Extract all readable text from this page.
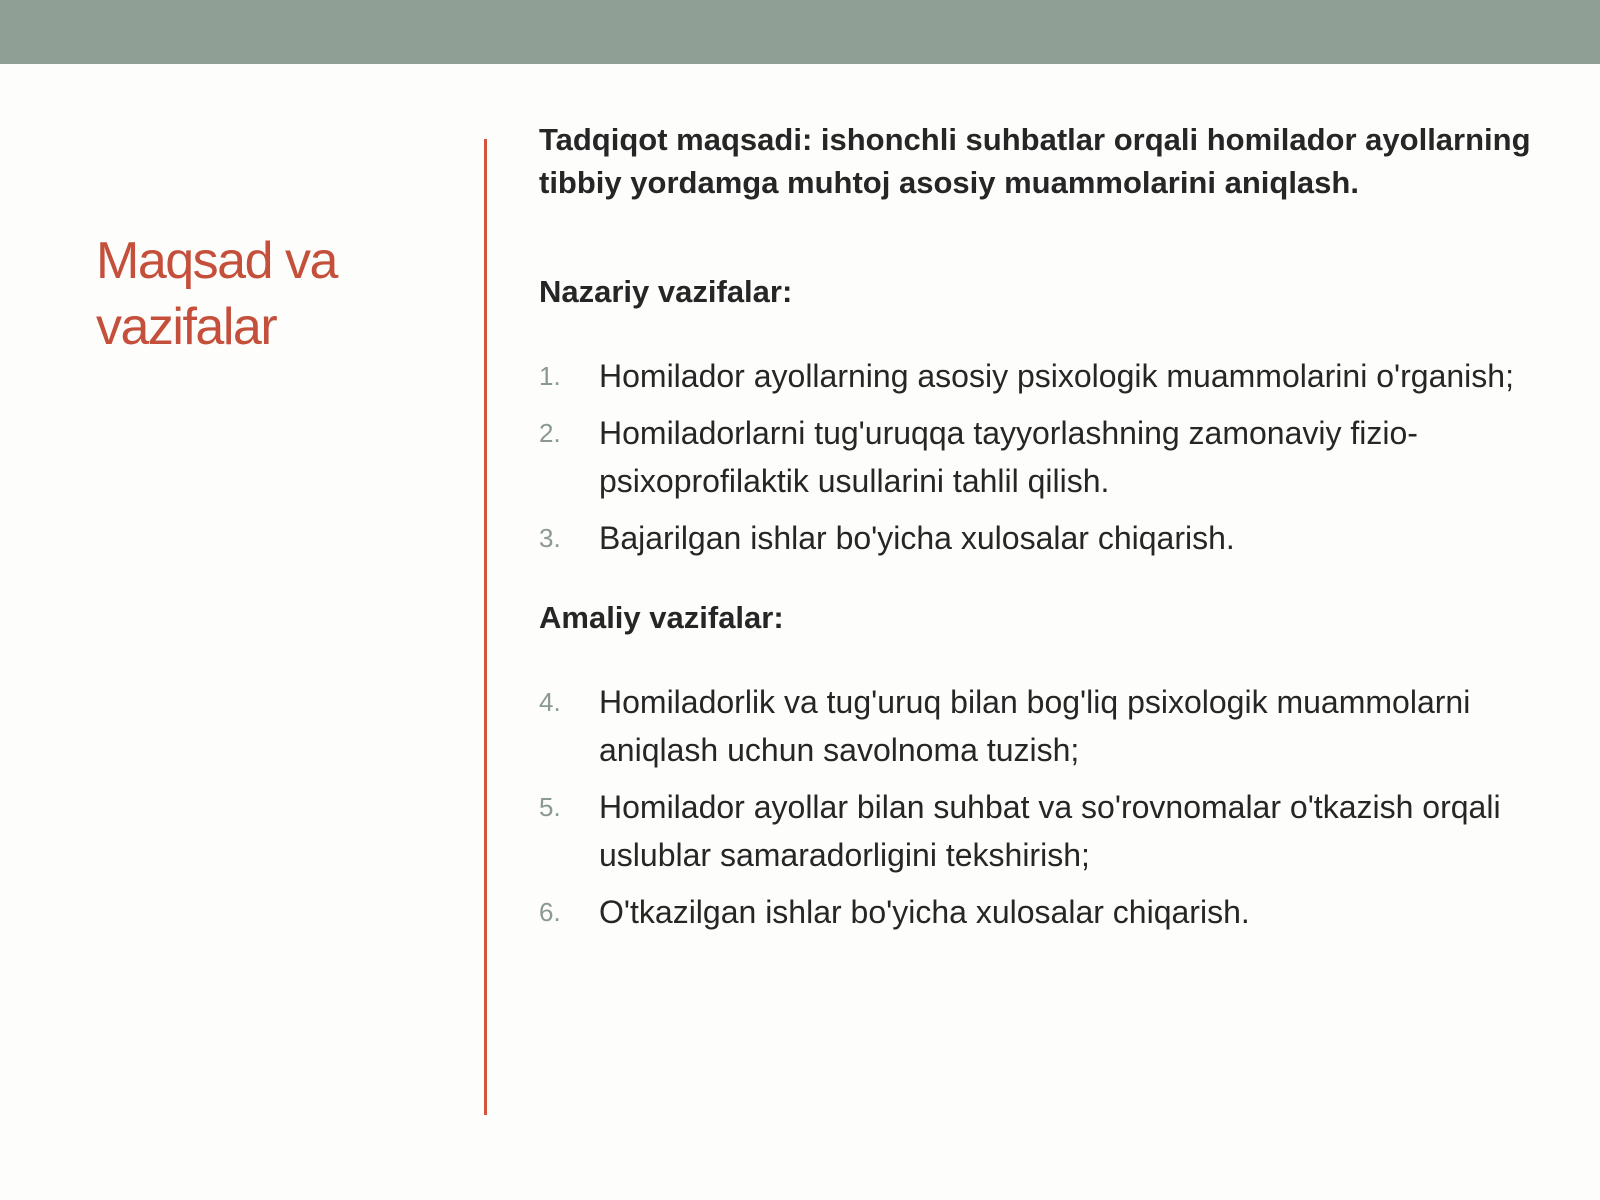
Maqsad va vazifalar

Tadqiqot maqsadi: ishonchli suhbatlar orqali homilador ayollarning tibbiy yordamga muhtoj asosiy muammolarini aniqlash.

Nazariy vazifalar:
1.	Homilador ayollarning asosiy psixologik muammolarini o'rganish;
2.	Homiladorlarni tug'uruqqa tayyorlashning zamonaviy fizio-psixoprofilaktik usullarini tahlil qilish.
3.	Bajarilgan ishlar bo'yicha xulosalar chiqarish.
Amaliy vazifalar:
4.	Homiladorlik va tug'uruq bilan bog'liq psixologik muammolarni aniqlash uchun savolnoma tuzish;
5.	Homilador ayollar bilan suhbat va so'rovnomalar o'tkazish orqali uslublar samaradorligini tekshirish;
6.	O'tkazilgan ishlar bo'yicha xulosalar chiqarish.
